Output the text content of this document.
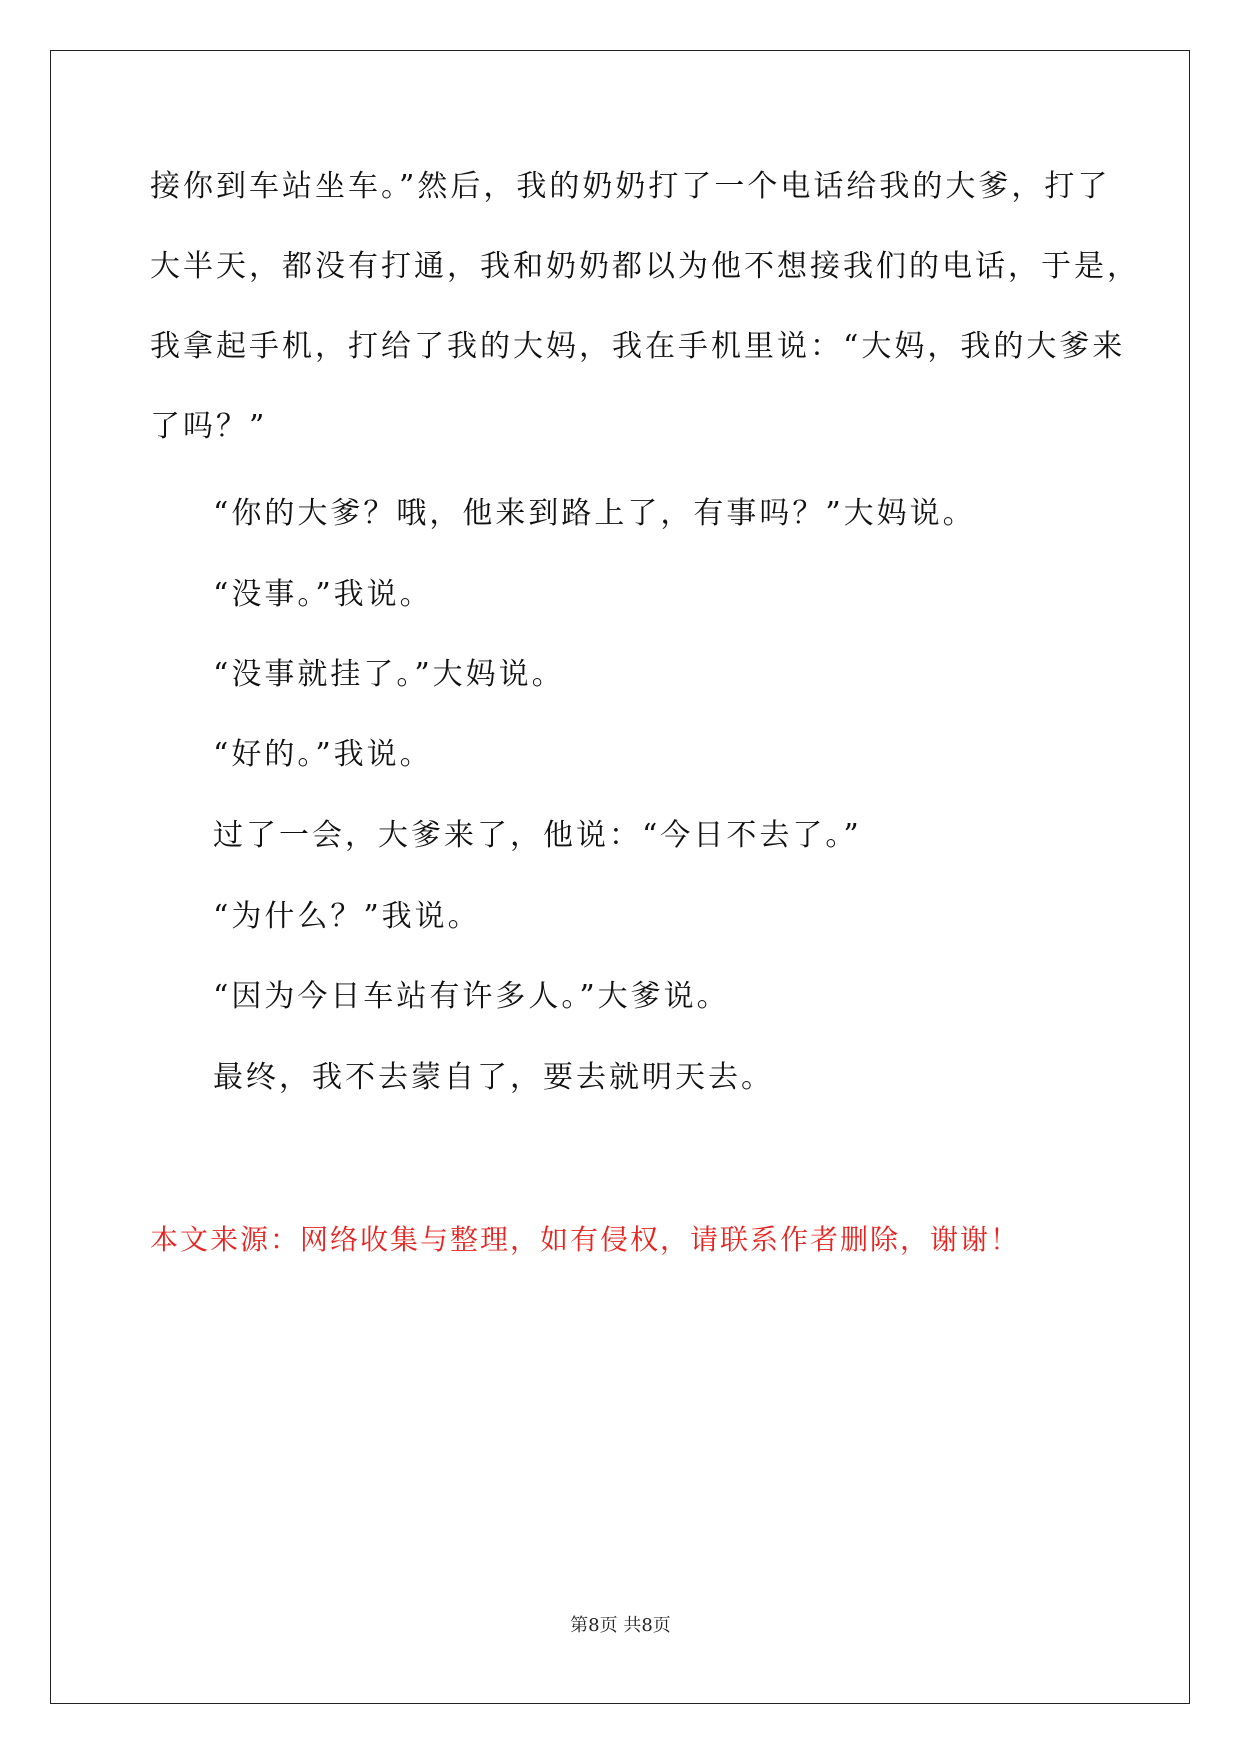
接你到车站坐车。”然后，我的奶奶打了一个电话给我的大爹，打了
大半天，都没有打通，我和奶奶都以为他不想接我们的电话，于是，
我拿起手机，打给了我的大妈，我在手机里说：“大妈，我的大爹来
了吗？”
“你的大爹？哦，他来到路上了，有事吗？”大妈说。
“没事。”我说。
“没事就挂了。”大妈说。
“好的。”我说。
过了一会，大爹来了，他说：“今日不去了。”
“为什么？”我说。
“因为今日车站有许多人。”大爹说。
最终，我不去蒙自了，要去就明天去。
本文来源：网络收集与整理，如有侵权，请联系作者删除，谢谢！
第8页 共8页
